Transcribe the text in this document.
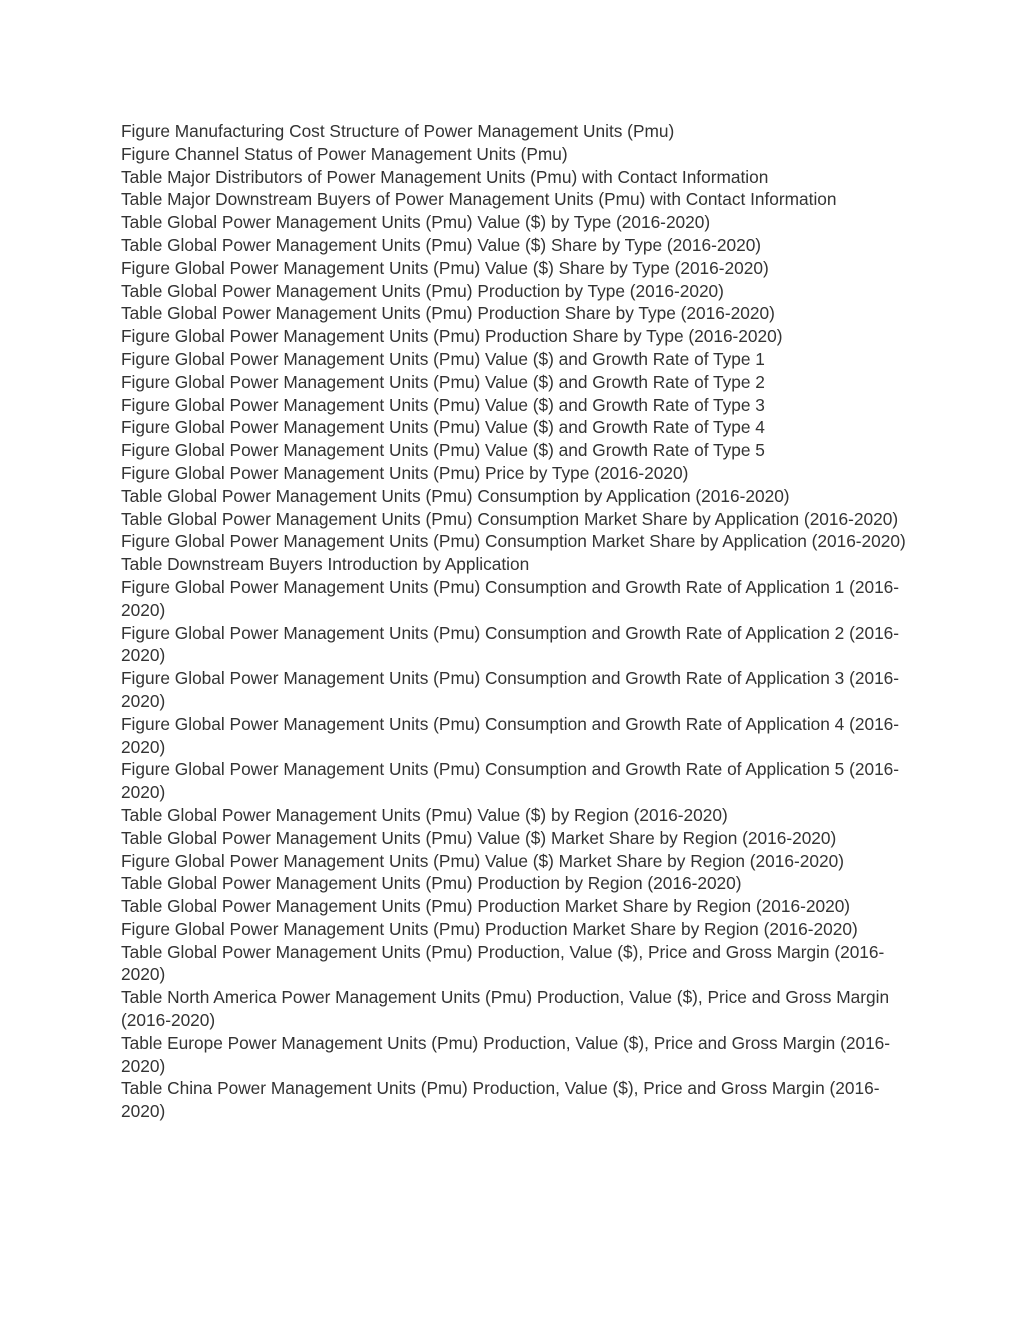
Figure Manufacturing Cost Structure of Power Management Units (Pmu)
Figure Channel Status of Power Management Units (Pmu)
Table Major Distributors of Power Management Units (Pmu) with Contact Information
Table Major Downstream Buyers of Power Management Units (Pmu) with Contact Information
Table Global Power Management Units (Pmu) Value ($) by Type (2016-2020)
Table Global Power Management Units (Pmu) Value ($) Share by Type (2016-2020)
Figure Global Power Management Units (Pmu) Value ($) Share by Type (2016-2020)
Table Global Power Management Units (Pmu) Production by Type (2016-2020)
Table Global Power Management Units (Pmu) Production Share by Type (2016-2020)
Figure Global Power Management Units (Pmu) Production Share by Type (2016-2020)
Figure Global Power Management Units (Pmu) Value ($) and Growth Rate of Type 1
Figure Global Power Management Units (Pmu) Value ($) and Growth Rate of Type 2
Figure Global Power Management Units (Pmu) Value ($) and Growth Rate of Type 3
Figure Global Power Management Units (Pmu) Value ($) and Growth Rate of Type 4
Figure Global Power Management Units (Pmu) Value ($) and Growth Rate of Type 5
Figure Global Power Management Units (Pmu) Price by Type (2016-2020)
Table Global Power Management Units (Pmu) Consumption by Application (2016-2020)
Table Global Power Management Units (Pmu) Consumption Market Share by Application (2016-2020)
Figure Global Power Management Units (Pmu) Consumption Market Share by Application (2016-2020)
Table Downstream Buyers Introduction by Application
Figure Global Power Management Units (Pmu) Consumption and Growth Rate of Application 1 (2016-2020)
Figure Global Power Management Units (Pmu) Consumption and Growth Rate of Application 2 (2016-2020)
Figure Global Power Management Units (Pmu) Consumption and Growth Rate of Application 3 (2016-2020)
Figure Global Power Management Units (Pmu) Consumption and Growth Rate of Application 4 (2016-2020)
Figure Global Power Management Units (Pmu) Consumption and Growth Rate of Application 5 (2016-2020)
Table Global Power Management Units (Pmu) Value ($) by Region (2016-2020)
Table Global Power Management Units (Pmu) Value ($) Market Share by Region (2016-2020)
Figure Global Power Management Units (Pmu) Value ($) Market Share by Region (2016-2020)
Table Global Power Management Units (Pmu) Production by Region (2016-2020)
Table Global Power Management Units (Pmu) Production Market Share by Region (2016-2020)
Figure Global Power Management Units (Pmu) Production Market Share by Region (2016-2020)
Table Global Power Management Units (Pmu) Production, Value ($), Price and Gross Margin (2016-2020)
Table North America Power Management Units (Pmu) Production, Value ($), Price and Gross Margin (2016-2020)
Table Europe Power Management Units (Pmu) Production, Value ($), Price and Gross Margin (2016-2020)
Table China Power Management Units (Pmu) Production, Value ($), Price and Gross Margin (2016-2020)
